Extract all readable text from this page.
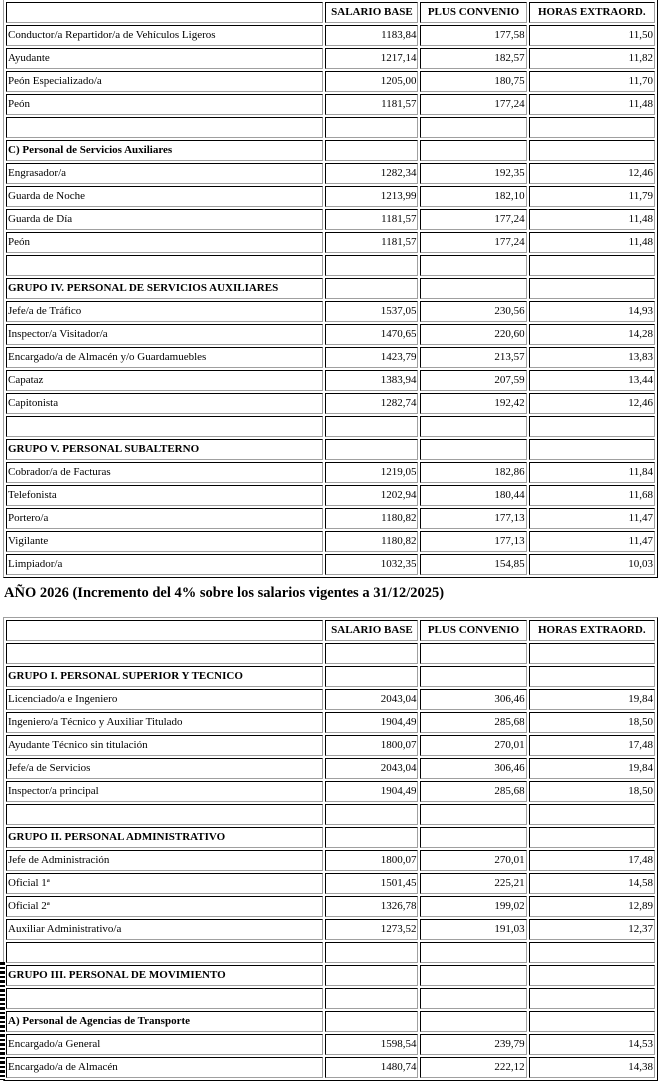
	SALARIO BASE	PLUS CONVENIO	HORAS EXTRAORD.
Conductor/a Repartidor/a de Vehículos Ligeros	1183,84	177,58	11,50
Ayudante	1217,14	182,57	11,82
Peón Especializado/a	1205,00	180,75	11,70
Peón	1181,57	177,24	11,48

C) Personal de Servicios Auxiliares			
Engrasador/a	1282,34	192,35	12,46
Guarda de Noche	1213,99	182,10	11,79
Guarda de Día	1181,57	177,24	11,48
Peón	1181,57	177,24	11,48

GRUPO IV. PERSONAL DE SERVICIOS AUXILIARES			
Jefe/a de Tráfico	1537,05	230,56	14,93
Inspector/a Visitador/a	1470,65	220,60	14,28
Encargado/a de Almacén y/o Guardamuebles	1423,79	213,57	13,83
Capataz	1383,94	207,59	13,44
Capitonista	1282,74	192,42	12,46

GRUPO V. PERSONAL SUBALTERNO			
Cobrador/a de Facturas	1219,05	182,86	11,84
Telefonista	1202,94	180,44	11,68
Portero/a	1180,82	177,13	11,47
Vigilante	1180,82	177,13	11,47
Limpiador/a	1032,35	154,85	10,03
AÑO 2026 (Incremento del 4% sobre los salarios vigentes a 31/12/2025)
	SALARIO BASE	PLUS CONVENIO	HORAS EXTRAORD.

GRUPO I. PERSONAL SUPERIOR Y TECNICO			
Licenciado/a e Ingeniero	2043,04	306,46	19,84
Ingeniero/a Técnico y Auxiliar Titulado	1904,49	285,68	18,50
Ayudante Técnico sin titulación	1800,07	270,01	17,48
Jefe/a de Servicios	2043,04	306,46	19,84
Inspector/a principal	1904,49	285,68	18,50

GRUPO II. PERSONAL ADMINISTRATIVO			
Jefe de Administración	1800,07	270,01	17,48
Oficial 1ª	1501,45	225,21	14,58
Oficial 2ª	1326,78	199,02	12,89
Auxiliar Administrativo/a	1273,52	191,03	12,37

GRUPO III. PERSONAL DE MOVIMIENTO			

A) Personal de Agencias de Transporte			
Encargado/a General	1598,54	239,79	14,53
Encargado/a de Almacén	1480,74	222,12	14,38
